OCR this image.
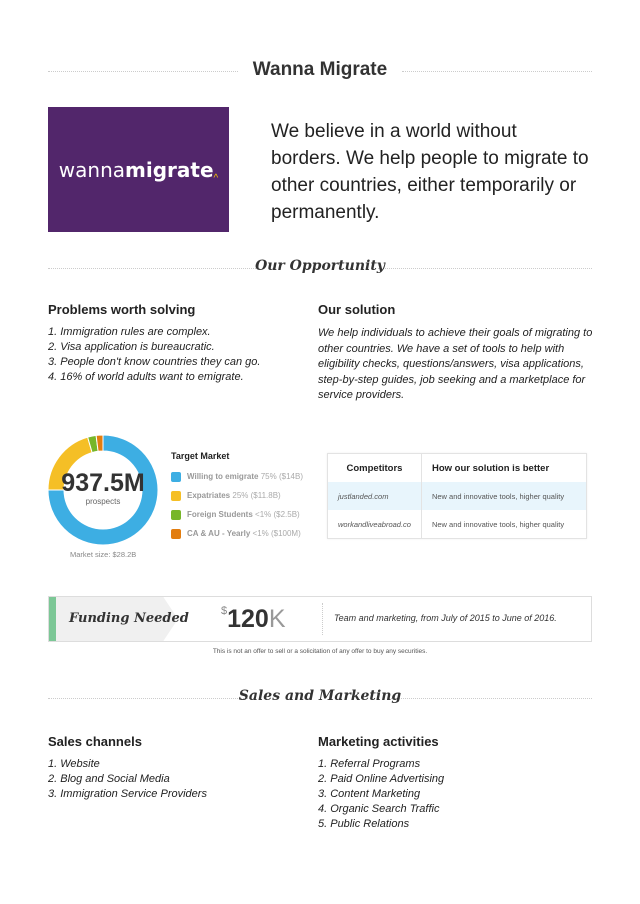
Wanna Migrate
wanna migrate ^
We believe in a world without borders. We help people to migrate to other countries, either temporarily or permanently.
Our Opportunity
Problems worth solving
1. Immigration rules are complex.
2. Visa application is bureaucratic.
3. People don't know countries they can go.
4. 16% of world adults want to emigrate.
Our solution
We help individuals to achieve their goals of migrating to other countries. We have a set of tools to help with eligibility checks, questions/answers, visa applications, step-by-step guides, job seeking and a marketplace for service providers.
937.5M
prospects
Market size: $28.2B
Target Market
Willing to emigrate
75% ($14B)
Expatriates
25% ($11.8B)
Foreign Students
<1% ($2.5B)
CA & AU - Yearly
<1% ($100M)
Competitors	How our solution is better
justlanded.com	New and innovative tools, higher quality
workandliveabroad.co	New and innovative tools, higher quality
Funding Needed	$120K	Team and marketing, from July of 2015 to June of 2016.
This is not an offer to sell or a solicitation of any offer to buy any securities.
Sales and Marketing
Sales channels
1. Website
2. Blog and Social Media
3. Immigration Service Providers
Marketing activities
1. Referral Programs
2. Paid Online Advertising
3. Content Marketing
4. Organic Search Traffic
5. Public Relations
